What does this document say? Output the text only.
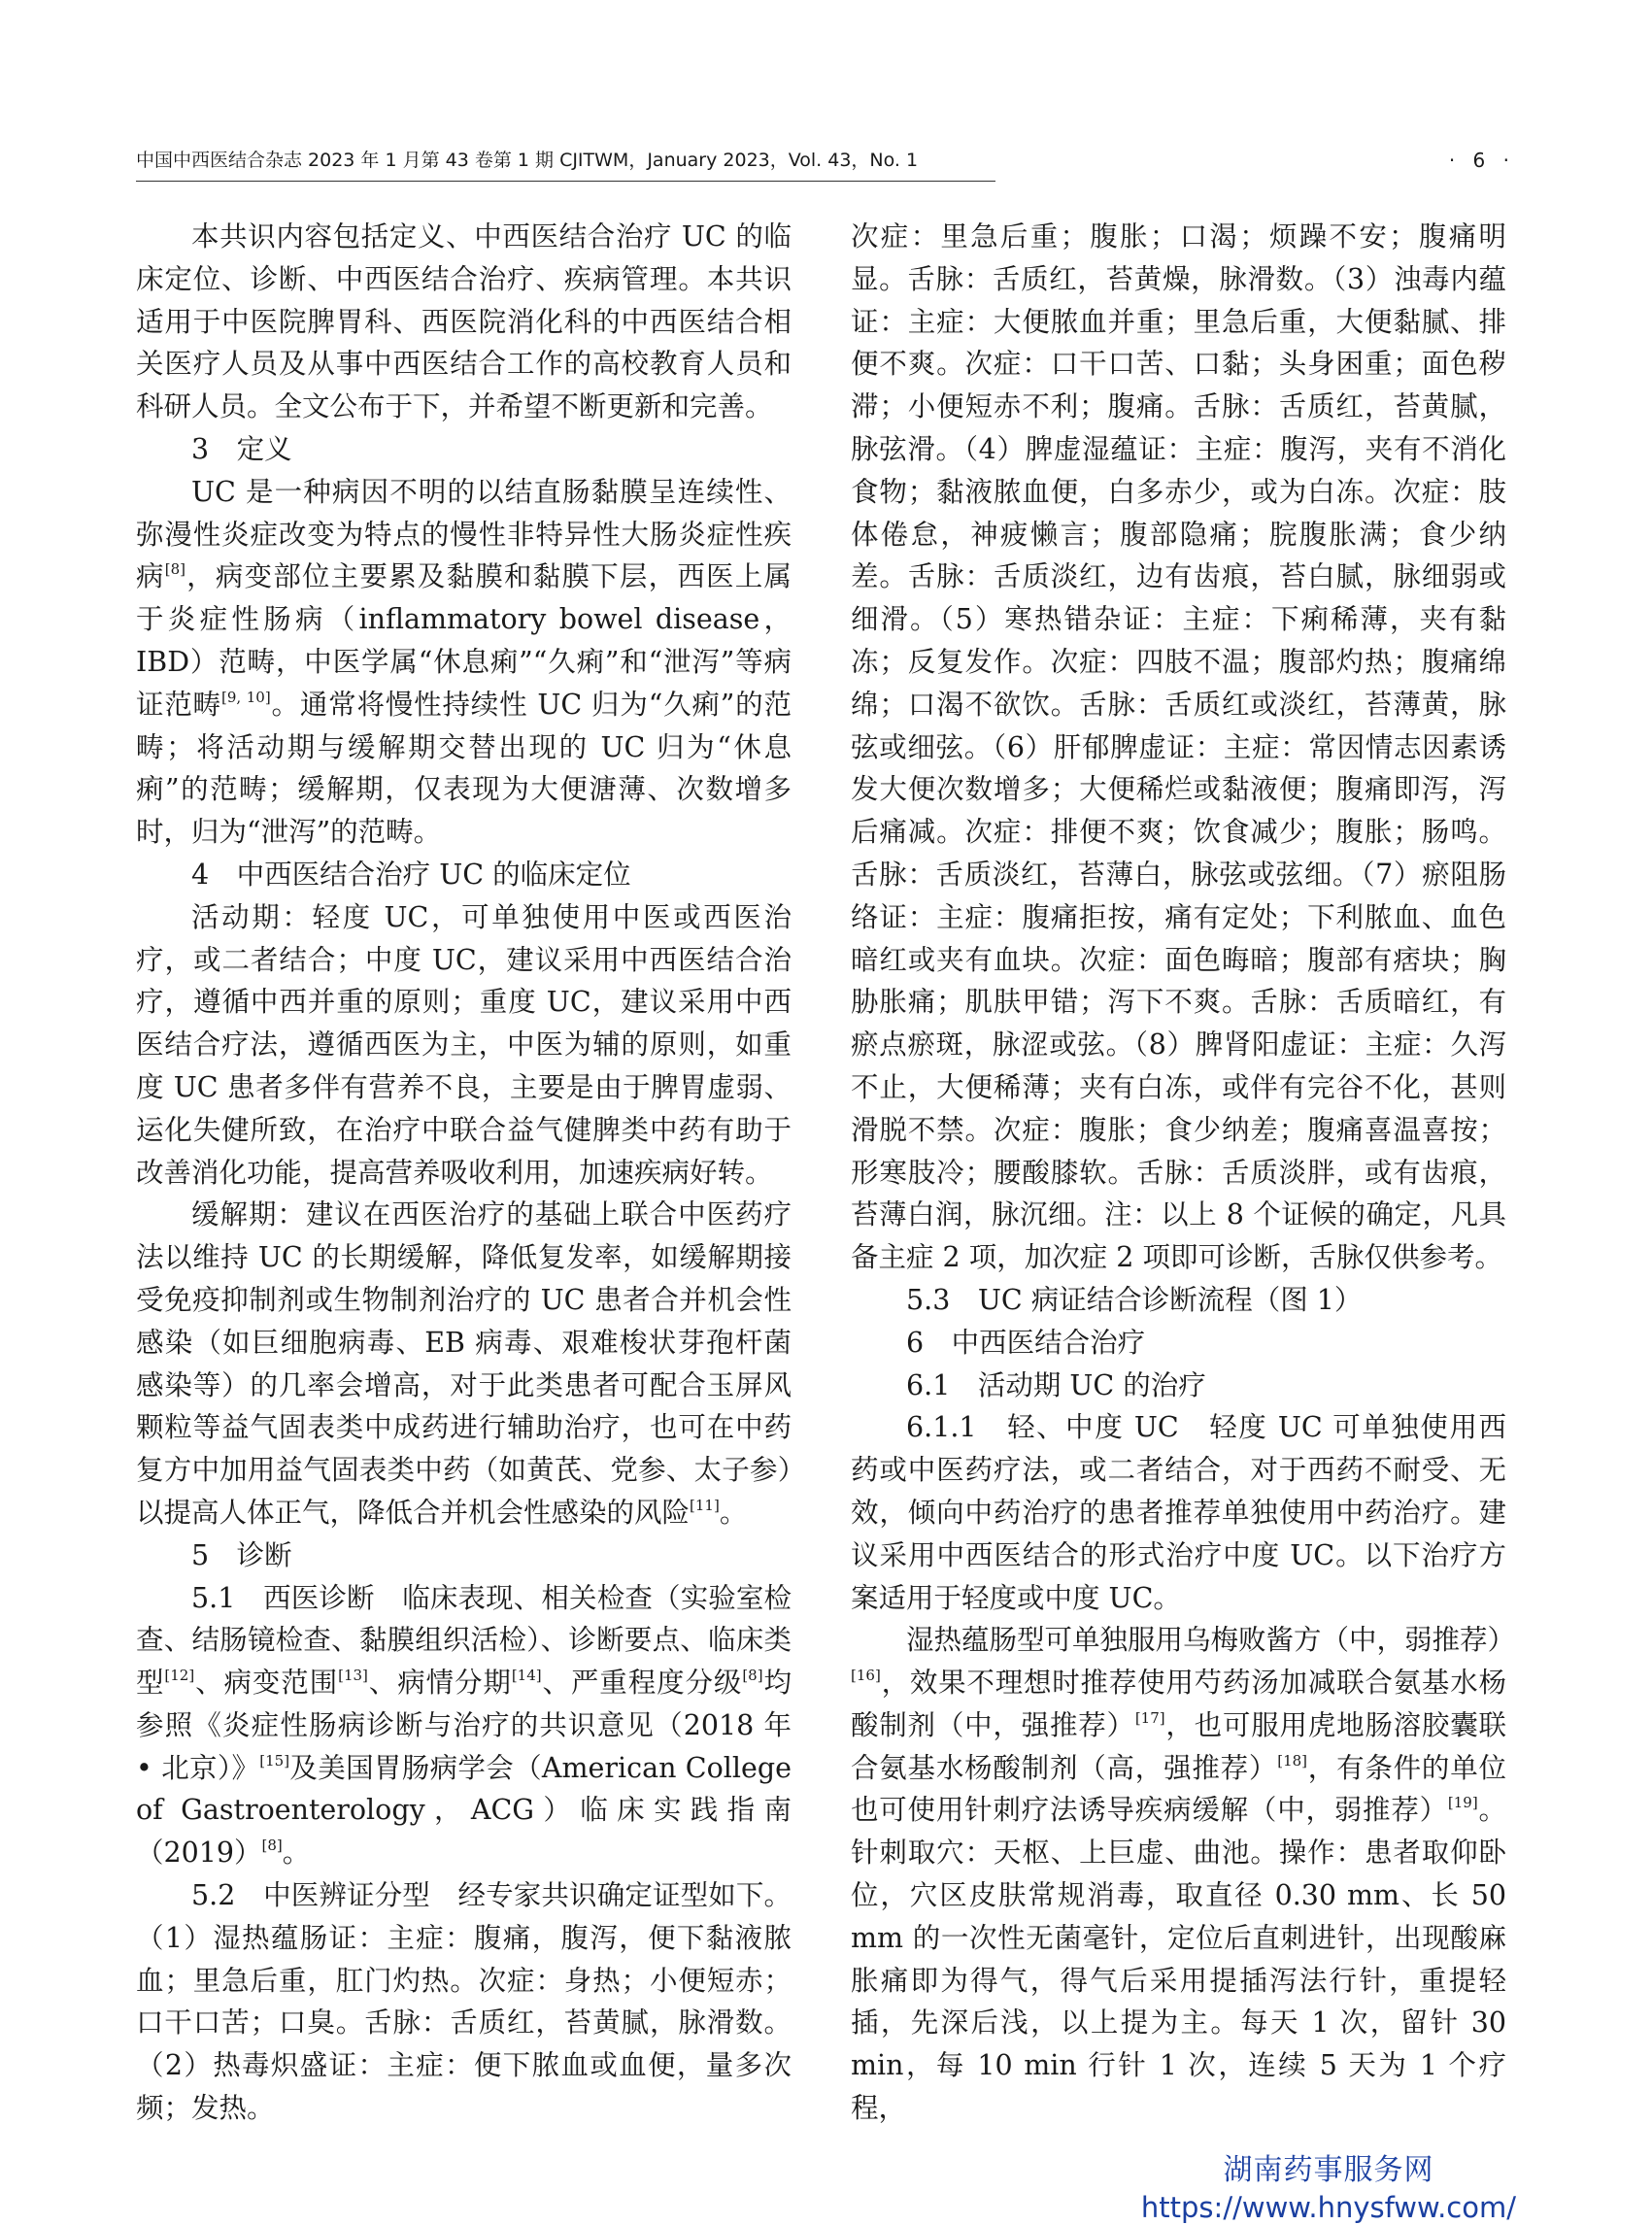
中国中西医结合杂志 2023 年 1 月第 43 卷第 1 期 CJITWM，January 2023，Vol. 43，No. 1	· 6 ·

本共识内容包括定义、中西医结合治疗 UC 的临床定位、诊断、中西医结合治疗、疾病管理。本共识适用于中医院脾胃科、西医院消化科的中西医结合相关医疗人员及从事中西医结合工作的高校教育人员和科研人员。全文公布于下，并希望不断更新和完善。

3　定义

UC 是一种病因不明的以结直肠黏膜呈连续性、弥漫性炎症改变为特点的慢性非特异性大肠炎症性疾病[8]，病变部位主要累及黏膜和黏膜下层，西医上属于炎症性肠病（inflammatory bowel disease，IBD）范畴，中医学属“休息痢”“久痢”和“泄泻”等病证范畴[9, 10]。通常将慢性持续性 UC 归为“久痢”的范畴；将活动期与缓解期交替出现的 UC 归为“休息痢”的范畴；缓解期，仅表现为大便溏薄、次数增多时，归为“泄泻”的范畴。

4　中西医结合治疗 UC 的临床定位

活动期：轻度 UC，可单独使用中医或西医治疗，或二者结合；中度 UC，建议采用中西医结合治疗，遵循中西并重的原则；重度 UC，建议采用中西医结合疗法，遵循西医为主，中医为辅的原则，如重度 UC 患者多伴有营养不良，主要是由于脾胃虚弱、运化失健所致，在治疗中联合益气健脾类中药有助于改善消化功能，提高营养吸收利用，加速疾病好转。

缓解期：建议在西医治疗的基础上联合中医药疗法以维持 UC 的长期缓解，降低复发率，如缓解期接受免疫抑制剂或生物制剂治疗的 UC 患者合并机会性感染（如巨细胞病毒、EB 病毒、艰难梭状芽孢杆菌感染等）的几率会增高，对于此类患者可配合玉屏风颗粒等益气固表类中成药进行辅助治疗，也可在中药复方中加用益气固表类中药（如黄芪、党参、太子参）以提高人体正气，降低合并机会性感染的风险[11]。

5　诊断

5.1　西医诊断　临床表现、相关检查（实验室检查、结肠镜检查、黏膜组织活检）、诊断要点、临床类型[12]、病变范围[13]、病情分期[14]、严重程度分级[8]均参照《炎症性肠病诊断与治疗的共识意见（2018 年 • 北京）》[15]及美国胃肠病学会（American College of Gastroenterology，ACG）临床实践指南（2019）[8]。

5.2　中医辨证分型　经专家共识确定证型如下。（1）湿热蕴肠证：主症：腹痛，腹泻，便下黏液脓血；里急后重，肛门灼热。次症：身热；小便短赤；口干口苦；口臭。舌脉：舌质红，苔黄腻，脉滑数。（2）热毒炽盛证：主症：便下脓血或血便，量多次频；发热。

次症：里急后重；腹胀；口渴；烦躁不安；腹痛明显。舌脉：舌质红，苔黄燥，脉滑数。（3）浊毒内蕴证：主症：大便脓血并重；里急后重，大便黏腻、排便不爽。次症：口干口苦、口黏；头身困重；面色秽滞；小便短赤不利；腹痛。舌脉：舌质红，苔黄腻，脉弦滑。（4）脾虚湿蕴证：主症：腹泻，夹有不消化食物；黏液脓血便，白多赤少，或为白冻。次症：肢体倦怠，神疲懒言；腹部隐痛；脘腹胀满；食少纳差。舌脉：舌质淡红，边有齿痕，苔白腻，脉细弱或细滑。（5）寒热错杂证：主症：下痢稀薄，夹有黏冻；反复发作。次症：四肢不温；腹部灼热；腹痛绵绵；口渴不欲饮。舌脉：舌质红或淡红，苔薄黄，脉弦或细弦。（6）肝郁脾虚证：主症：常因情志因素诱发大便次数增多；大便稀烂或黏液便；腹痛即泻，泻后痛减。次症：排便不爽；饮食减少；腹胀；肠鸣。舌脉：舌质淡红，苔薄白，脉弦或弦细。（7）瘀阻肠络证：主症：腹痛拒按，痛有定处；下利脓血、血色暗红或夹有血块。次症：面色晦暗；腹部有痞块；胸胁胀痛；肌肤甲错；泻下不爽。舌脉：舌质暗红，有瘀点瘀斑，脉涩或弦。（8）脾肾阳虚证：主症：久泻不止，大便稀薄；夹有白冻，或伴有完谷不化，甚则滑脱不禁。次症：腹胀；食少纳差；腹痛喜温喜按；形寒肢冷；腰酸膝软。舌脉：舌质淡胖，或有齿痕，苔薄白润，脉沉细。注：以上 8 个证候的确定，凡具备主症 2 项，加次症 2 项即可诊断，舌脉仅供参考。

5.3　UC 病证结合诊断流程（图 1）

6　中西医结合治疗

6.1　活动期 UC 的治疗

6.1.1　轻、中度 UC　轻度 UC 可单独使用西药或中医药疗法，或二者结合，对于西药不耐受、无效，倾向中药治疗的患者推荐单独使用中药治疗。建议采用中西医结合的形式治疗中度 UC。以下治疗方案适用于轻度或中度 UC。

湿热蕴肠型可单独服用乌梅败酱方（中，弱推荐）[16]，效果不理想时推荐使用芍药汤加减联合氨基水杨酸制剂（中，强推荐）[17]，也可服用虎地肠溶胶囊联合氨基水杨酸制剂（高，强推荐）[18]，有条件的单位也可使用针刺疗法诱导疾病缓解（中，弱推荐）[19]。针刺取穴：天枢、上巨虚、曲池。操作：患者取仰卧位，穴区皮肤常规消毒，取直径 0.30 mm、长 50 mm 的一次性无菌毫针，定位后直刺进针，出现酸麻胀痛即为得气，得气后采用提插泻法行针，重提轻插，先深后浅，以上提为主。每天 1 次，留针 30 min，每 10 min 行针 1 次，连续 5 天为 1 个疗程，

湖南药事服务网
https://www.hnysfww.com/
